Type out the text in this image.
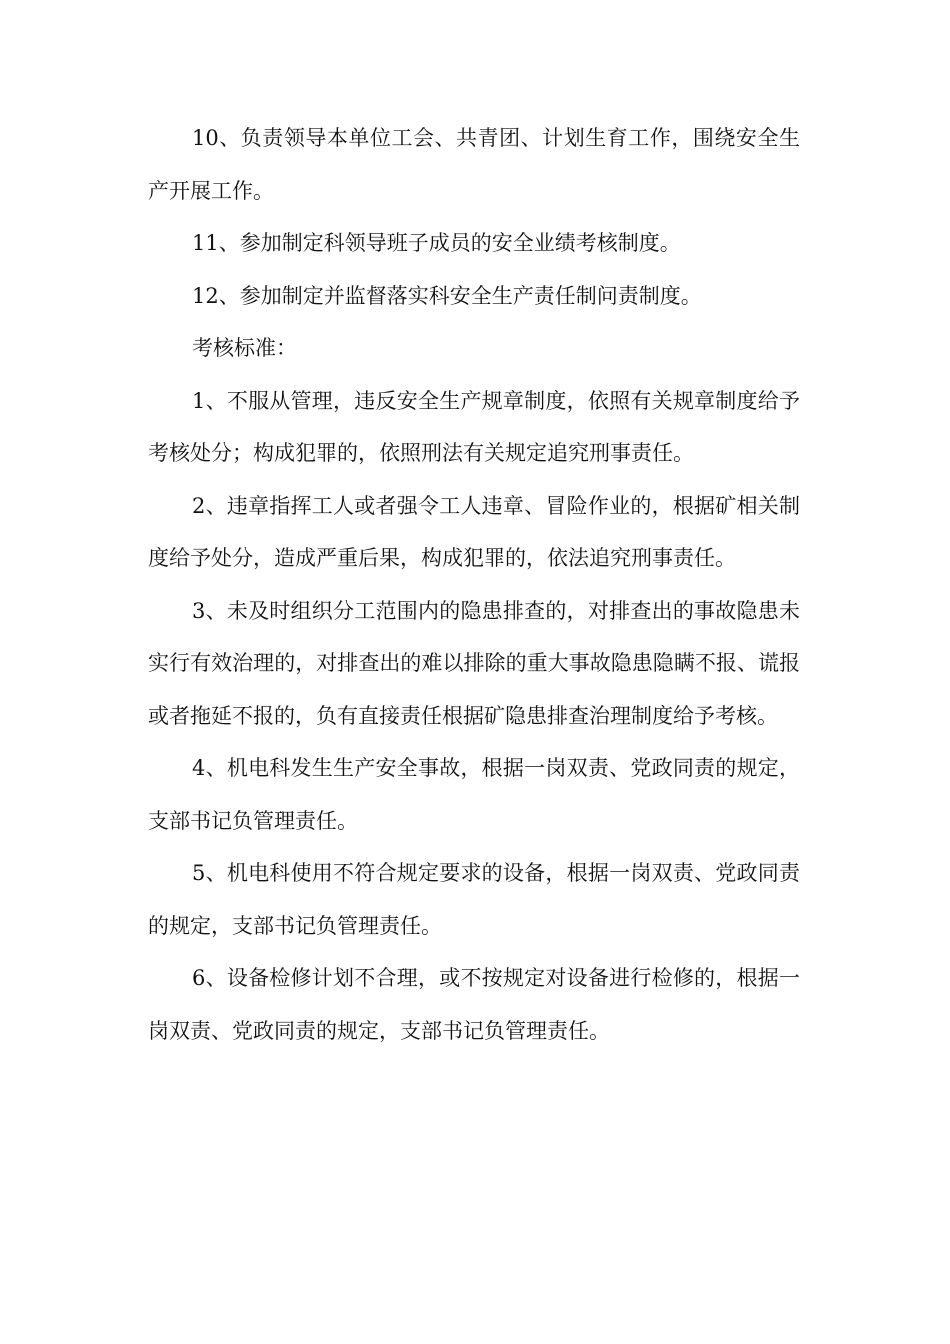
10、负责领导本单位工会、共青团、计划生育工作，围绕安全生产开展工作。

11、参加制定科领导班子成员的安全业绩考核制度。

12、参加制定并监督落实科安全生产责任制问责制度。

考核标准：

1、不服从管理，违反安全生产规章制度，依照有关规章制度给予考核处分；构成犯罪的，依照刑法有关规定追究刑事责任。

2、违章指挥工人或者强令工人违章、冒险作业的，根据矿相关制度给予处分，造成严重后果，构成犯罪的，依法追究刑事责任。

3、未及时组织分工范围内的隐患排查的，对排查出的事故隐患未实行有效治理的，对排查出的难以排除的重大事故隐患隐瞒不报、谎报或者拖延不报的，负有直接责任根据矿隐患排查治理制度给予考核。

4、机电科发生生产安全事故，根据一岗双责、党政同责的规定，支部书记负管理责任。

5、机电科使用不符合规定要求的设备，根据一岗双责、党政同责的规定，支部书记负管理责任。

6、设备检修计划不合理，或不按规定对设备进行检修的，根据一岗双责、党政同责的规定，支部书记负管理责任。
